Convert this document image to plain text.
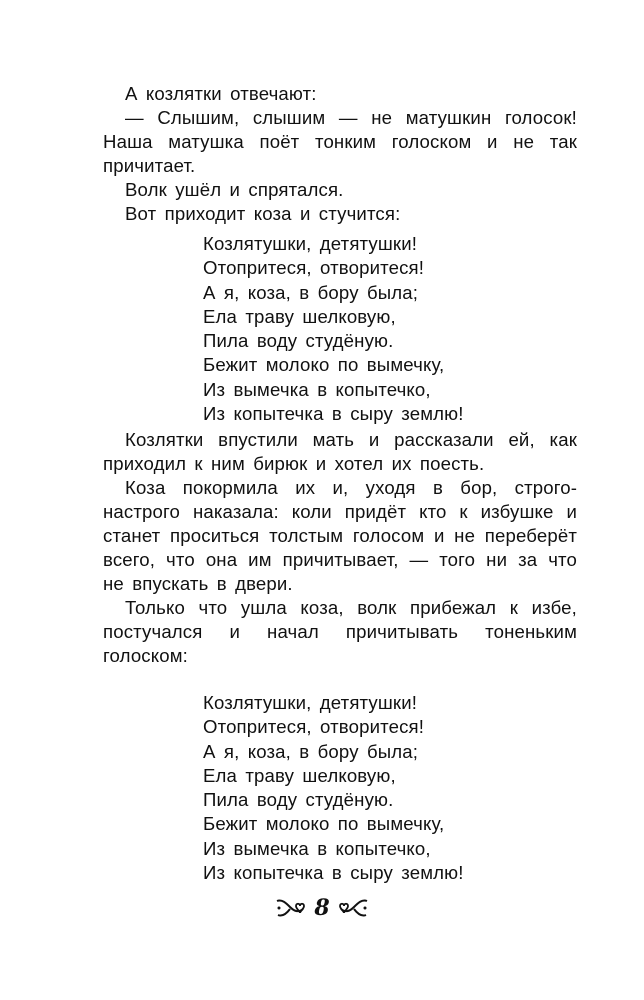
А козлятки отвечают:

— Слышим, слышим — не матушкин голосок! Наша матушка поёт тонким голоском и не так причитает.

Волк ушёл и спрятался.

Вот приходит коза и стучится:

Козлятушки, детятушки!
Отопритеся, отворитеся!
А я, коза, в бору была;
Ела траву шелковую,
Пила воду студёную.
Бежит молоко по вымечку,
Из вымечка в копытечко,
Из копытечка в сыру землю!

Козлятки впустили мать и рассказали ей, как приходил к ним бирюк и хотел их поесть.

Коза покормила их и, уходя в бор, строгонастрого наказала: коли придёт кто к избушке и станет проситься толстым голосом и не переберёт всего, что она им причитывает, — того ни за что не впускать в двери.

Только что ушла коза, волк прибежал к избе, постучался и начал причитывать тоненьким голоском:

Козлятушки, детятушки!
Отопритеся, отворитеся!
А я, коза, в бору была;
Ела траву шелковую,
Пила воду студёную.
Бежит молоко по вымечку,
Из вымечка в копытечко,
Из копытечка в сыру землю!
8
